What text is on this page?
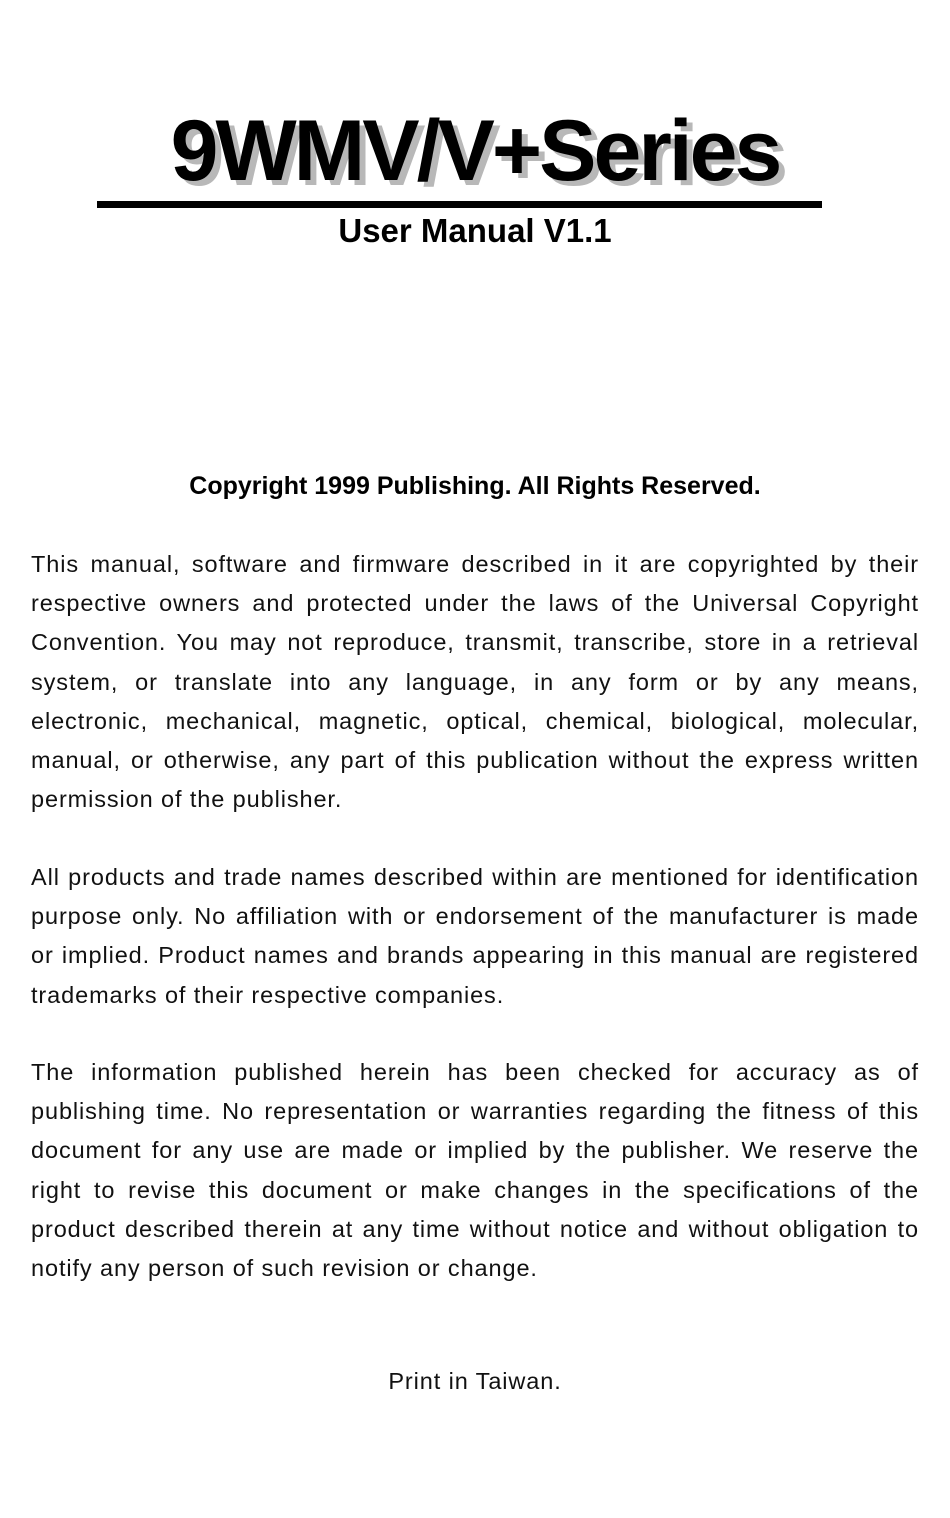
9WMV/V+Series
User Manual V1.1
Copyright 1999 Publishing. All Rights Reserved.

This manual, software and firmware described in it are copyrighted by their respective owners and protected under the laws of the Universal Copyright Convention. You may not reproduce, transmit, transcribe, store in a retrieval system, or translate into any language, in any form or by any means, electronic, mechanical, magnetic, optical, chemical, biological, molecular, manual, or otherwise, any part of this publication without the express written permission of the publisher.

All products and trade names described within are mentioned for identification purpose only. No affiliation with or endorsement of the manufacturer is made or implied. Product names and brands appearing in this manual are registered trademarks of their respective companies.

The information published herein has been checked for accuracy as of publishing time. No representation or warranties regarding the fitness of this document for any use are made or implied by the publisher. We reserve the right to revise this document or make changes in the specifications of the product described therein at any time without notice and without obligation to notify any person of such revision or change.

Print in Taiwan.
